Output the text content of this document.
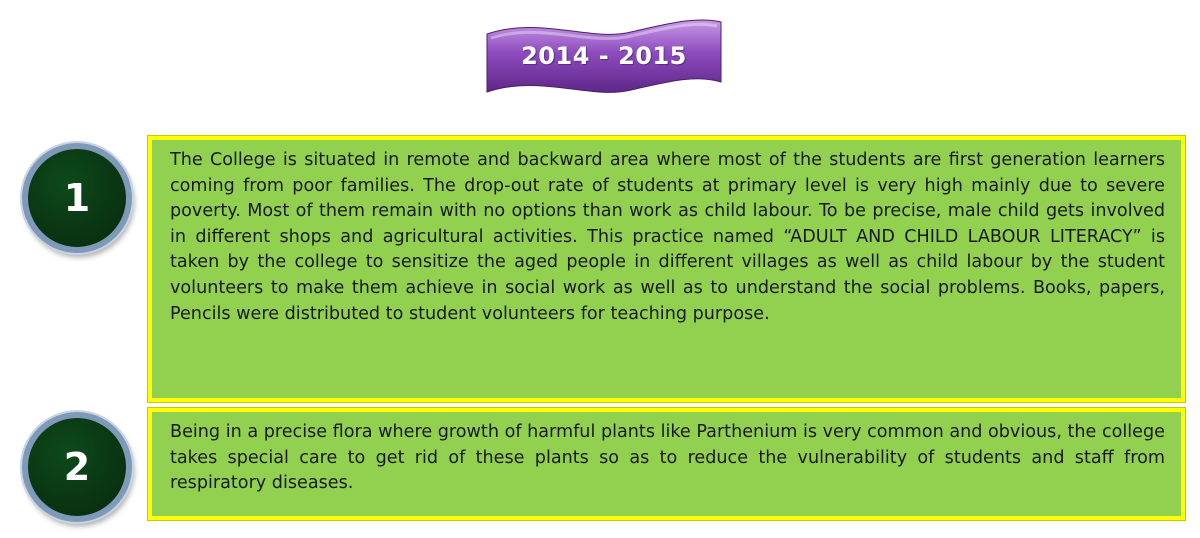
2014 - 2015
1
The College is situated in remote and backward area where most of the students are first generation learners coming from poor families. The drop-out rate of students at primary level is very high mainly due to severe poverty. Most of them remain with no options than work as child labour. To be precise, male child gets involved in different shops and agricultural activities. This practice named “ADULT AND CHILD LABOUR LITERACY” is taken by the college to sensitize the aged people in different villages as well as child labour by the student volunteers to make them achieve in social work as well as to understand the social problems. Books, papers, Pencils were distributed to student volunteers for teaching purpose.
2
Being in a precise flora where growth of harmful plants like Parthenium is very common and obvious, the college takes special care to get rid of these plants so as to reduce the vulnerability of students and staff from respiratory diseases.
